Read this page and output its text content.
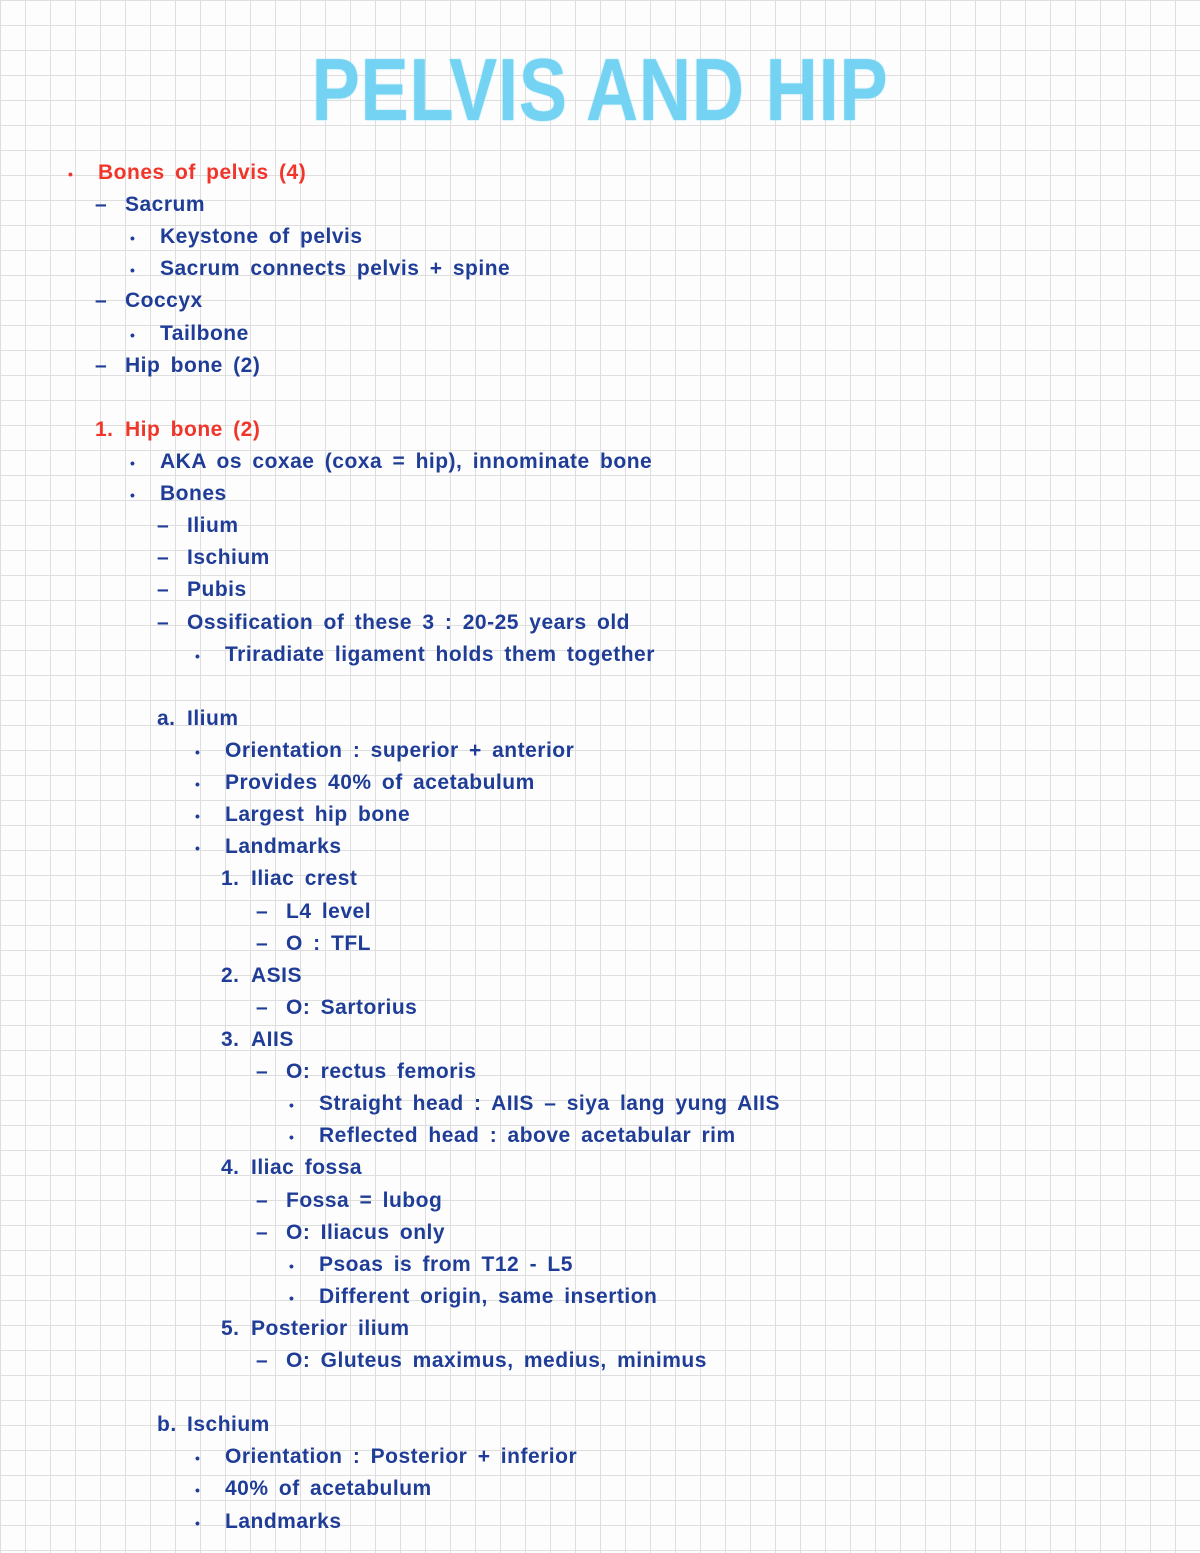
PELVIS AND HIP
• Bones of pelvis (4)
– Sacrum
• Keystone of pelvis
• Sacrum connects pelvis + spine
– Coccyx
• Tailbone
– Hip bone (2)
1. Hip bone (2)
• AKA os coxae (coxa = hip), innominate bone
• Bones
– Ilium
– Ischium
– Pubis
– Ossification of these 3 : 20-25 years old
• Triradiate ligament holds them together
a. Ilium
• Orientation : superior + anterior
• Provides 40% of acetabulum
• Largest hip bone
• Landmarks
1. Iliac crest
– L4 level
– O : TFL
2. ASIS
– O: Sartorius
3. AIIS
– O: rectus femoris
• Straight head : AIIS – siya lang yung AIIS
• Reflected head : above acetabular rim
4. Iliac fossa
– Fossa = lubog
– O: Iliacus only
• Psoas is from T12 - L5
• Different origin, same insertion
5. Posterior ilium
– O: Gluteus maximus, medius, minimus
b. Ischium
• Orientation : Posterior + inferior
• 40% of acetabulum
• Landmarks
